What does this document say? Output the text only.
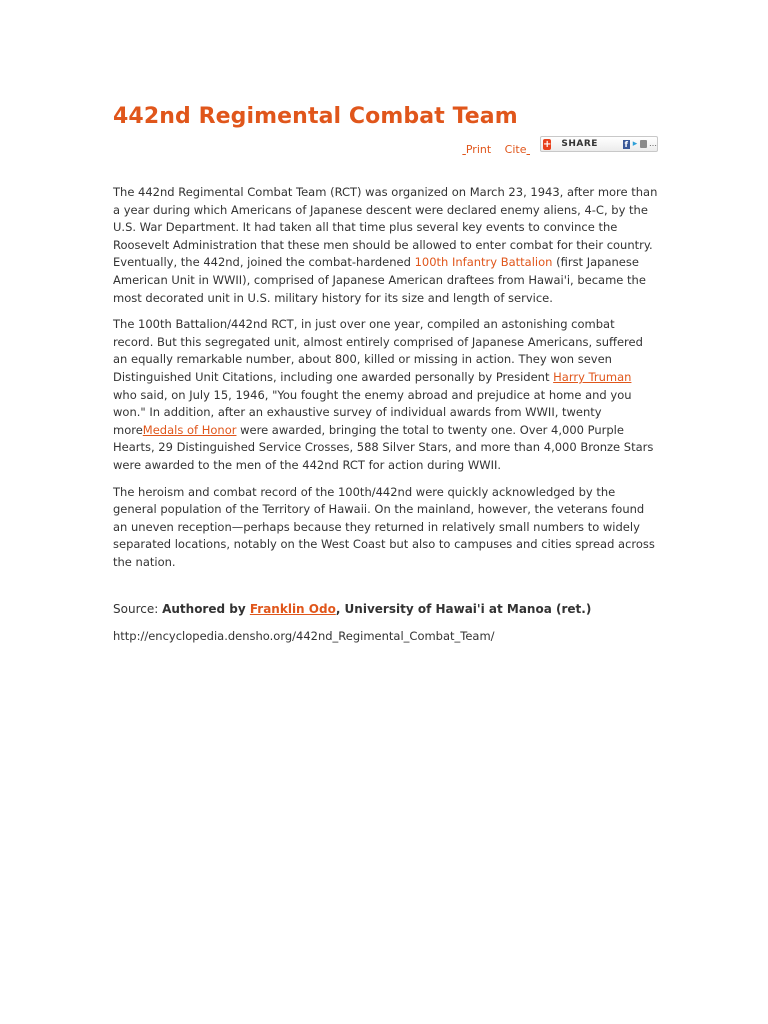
442nd Regimental Combat Team
Print Cite + SHARE	f ▸ …

The 442nd Regimental Combat Team (RCT) was organized on March 23, 1943, after more than a year during which Americans of Japanese descent were declared enemy aliens, 4-C, by the U.S. War Department. It had taken all that time plus several key events to convince the Roosevelt Administration that these men should be allowed to enter combat for their country. Eventually, the 442nd, joined the combat-hardened 100th Infantry Battalion (first Japanese American Unit in WWII), comprised of Japanese American draftees from Hawai'i, became the most decorated unit in U.S. military history for its size and length of service.

The 100th Battalion/442nd RCT, in just over one year, compiled an astonishing combat record. But this segregated unit, almost entirely comprised of Japanese Americans, suffered an equally remarkable number, about 800, killed or missing in action. They won seven Distinguished Unit Citations, including one awarded personally by President Harry Truman who said, on July 15, 1946, "You fought the enemy abroad and prejudice at home and you won." In addition, after an exhaustive survey of individual awards from WWII, twenty moreMedals of Honor were awarded, bringing the total to twenty one. Over 4,000 Purple Hearts, 29 Distinguished Service Crosses, 588 Silver Stars, and more than 4,000 Bronze Stars were awarded to the men of the 442nd RCT for action during WWII.

The heroism and combat record of the 100th/442nd were quickly acknowledged by the general population of the Territory of Hawaii. On the mainland, however, the veterans found an uneven reception—perhaps because they returned in relatively small numbers to widely separated locations, notably on the West Coast but also to campuses and cities spread across the nation.

Source: Authored by Franklin Odo, University of Hawai'i at Manoa (ret.)
http://encyclopedia.densho.org/442nd_Regimental_Combat_Team/
